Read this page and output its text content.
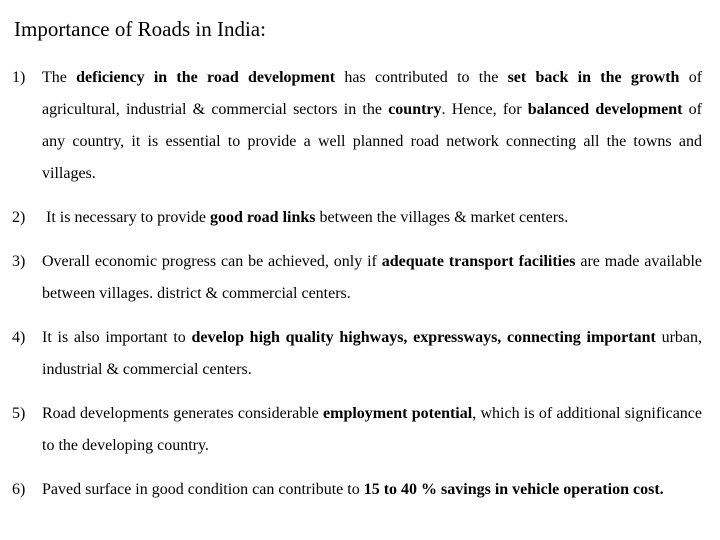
Importance of Roads in India:
1) The deficiency in the road development has contributed to the set back in the growth of agricultural, industrial & commercial sectors in the country. Hence, for balanced development of any country, it is essential to provide a well planned road network connecting all the towns and villages.
2) It is necessary to provide good road links between the villages & market centers.
3) Overall economic progress can be achieved, only if adequate transport facilities are made available between villages. district & commercial centers.
4) It is also important to develop high quality highways, expressways, connecting important urban, industrial & commercial centers.
5) Road developments generates considerable employment potential, which is of additional significance to the developing country.
6) Paved surface in good condition can contribute to 15 to 40 % savings in vehicle operation cost.
